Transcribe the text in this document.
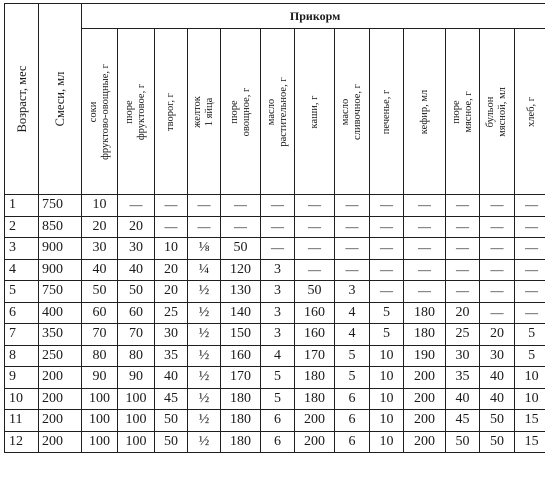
Возраст, мес	Смеси, мл	Прикорм												

		соки фруктово-овощные, г	пюре фруктовое, г	творог, г	желток 1 яйца	пюре овощное, г	масло растительное, г	каши, г	масло сливочное, г	печенье, г	кефир, мл	пюре мясное, г	бульон мясной, мл	хлеб, г

1	750	10	—	—	—	—	—	—	—	—	—	—	—	—
2	850	20	20	—	—	—	—	—	—	—	—	—	—	—
3	900	30	30	10	⅛	50	—	—	—	—	—	—	—	—
4	900	40	40	20	¼	120	3	—	—	—	—	—	—	—
5	750	50	50	20	½	130	3	50	3	—	—	—	—	—
6	400	60	60	25	½	140	3	160	4	5	180	20	—	—
7	350	70	70	30	½	150	3	160	4	5	180	25	20	5
8	250	80	80	35	½	160	4	170	5	10	190	30	30	5
9	200	90	90	40	½	170	5	180	5	10	200	35	40	10
10	200	100	100	45	½	180	5	180	6	10	200	40	40	10
11	200	100	100	50	½	180	6	200	6	10	200	45	50	15
12	200	100	100	50	½	180	6	200	6	10	200	50	50	15
